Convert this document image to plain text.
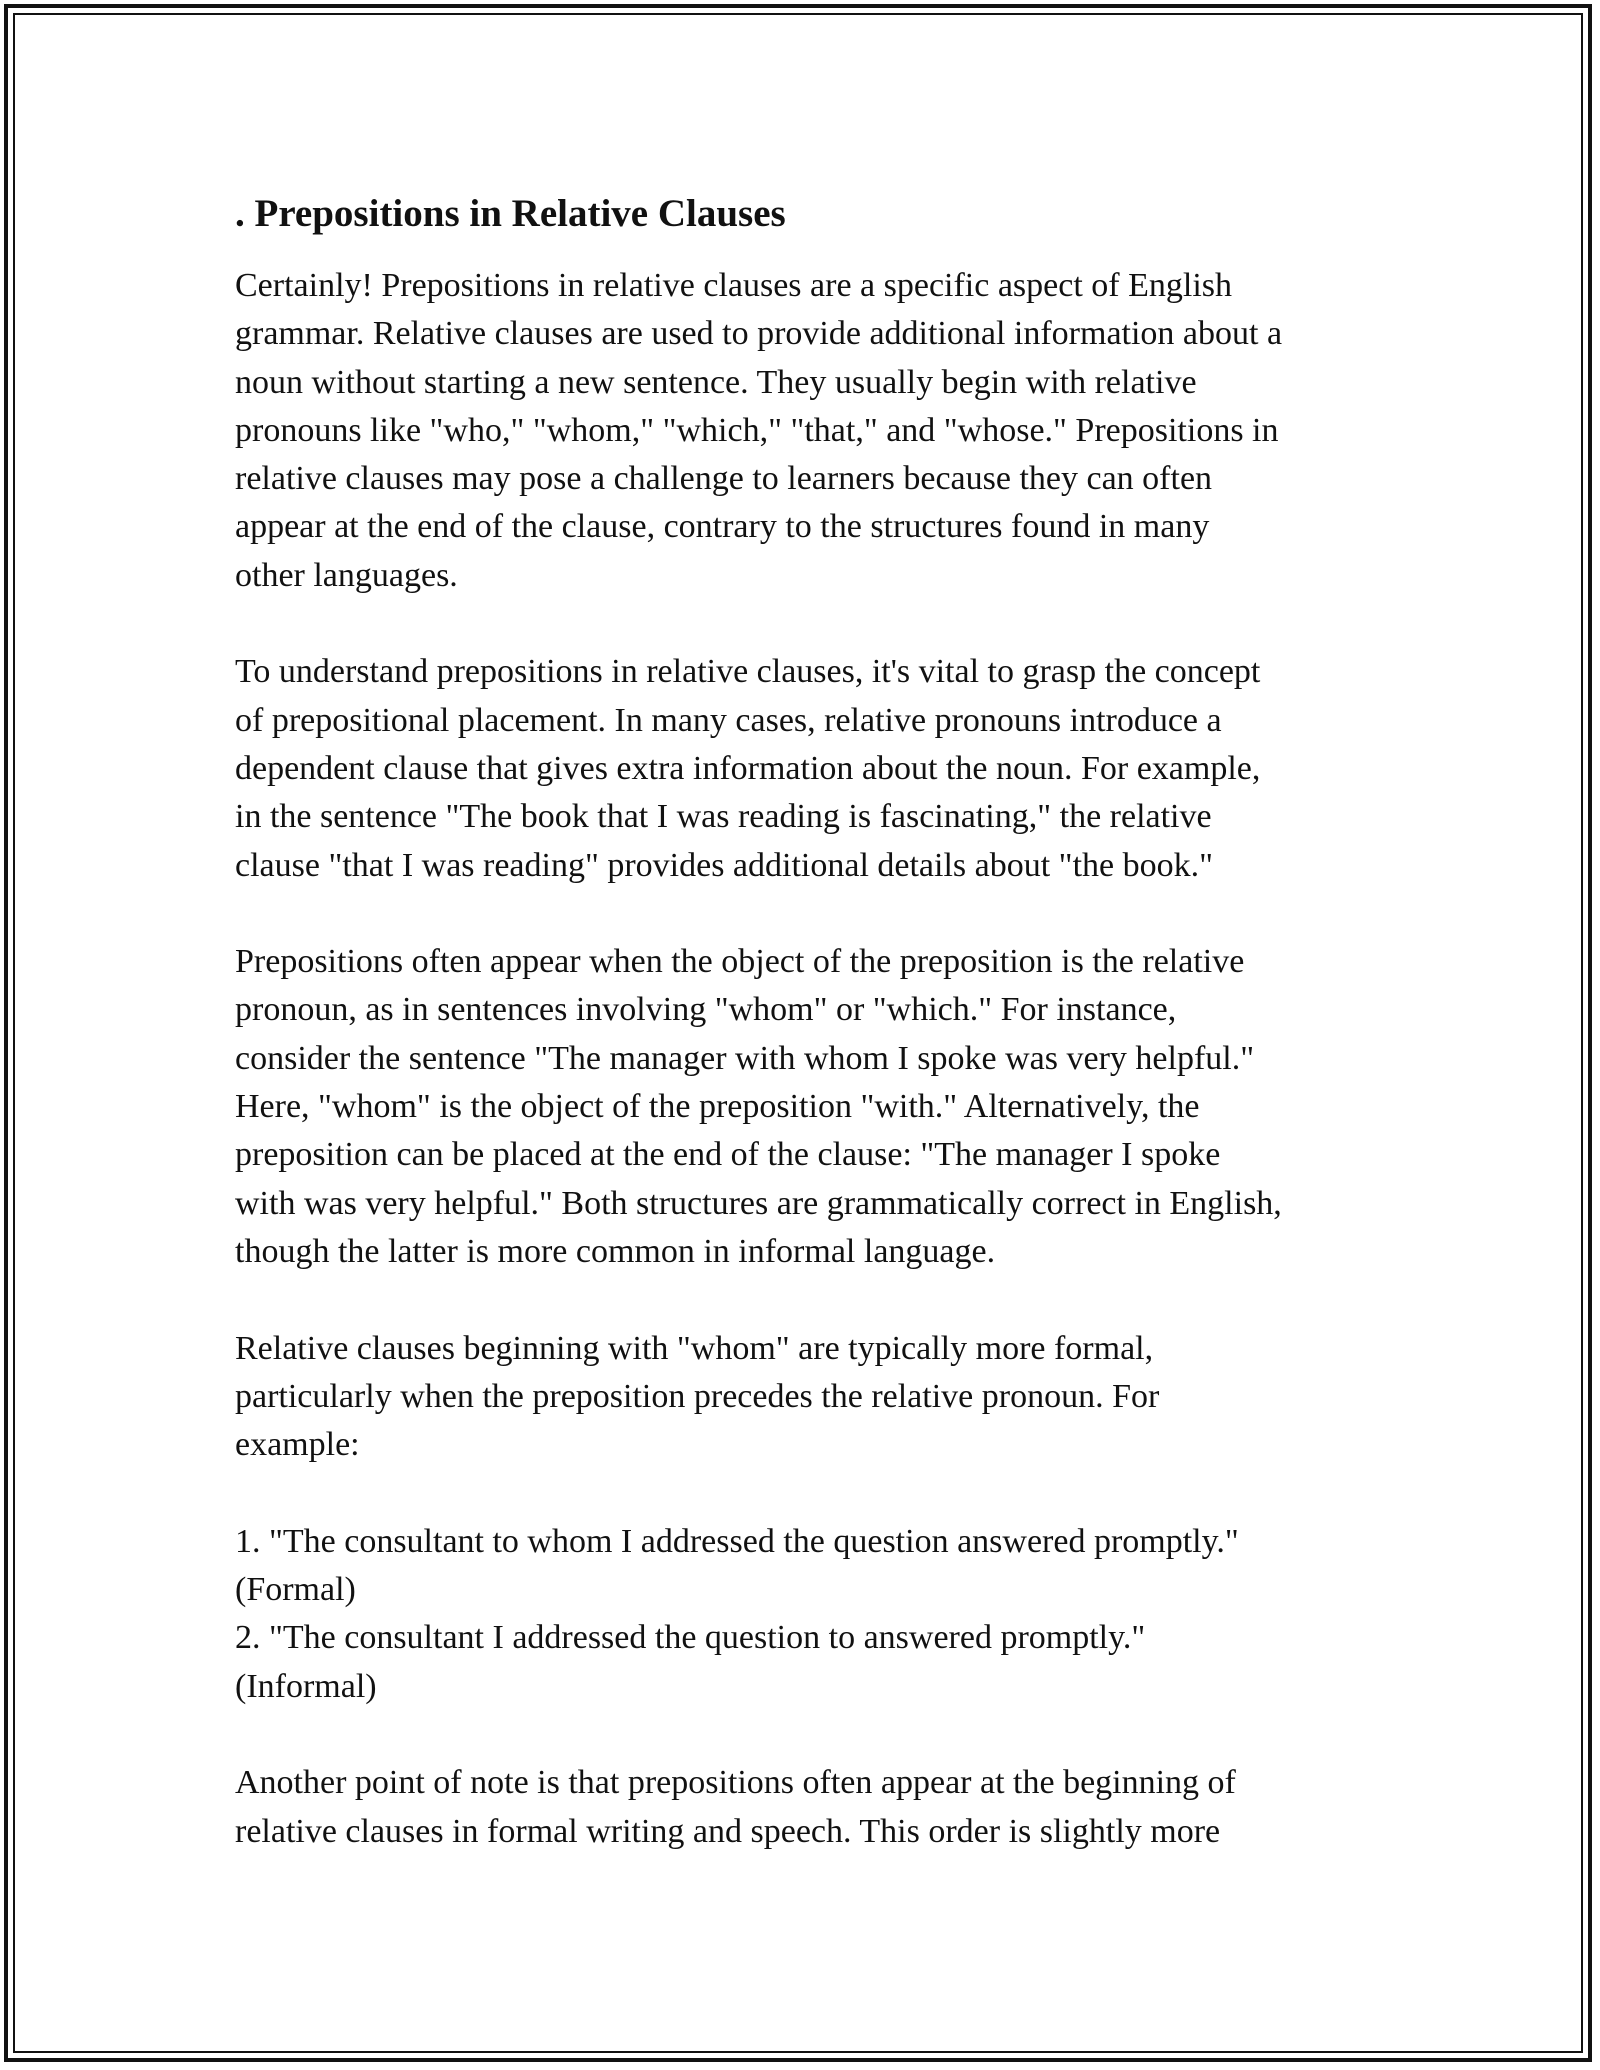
. Prepositions in Relative Clauses
Certainly! Prepositions in relative clauses are a specific aspect of English
grammar. Relative clauses are used to provide additional information about a
noun without starting a new sentence. They usually begin with relative
pronouns like "who," "whom," "which," "that," and "whose." Prepositions in
relative clauses may pose a challenge to learners because they can often
appear at the end of the clause, contrary to the structures found in many
other languages.
To understand prepositions in relative clauses, it's vital to grasp the concept
of prepositional placement. In many cases, relative pronouns introduce a
dependent clause that gives extra information about the noun. For example,
in the sentence "The book that I was reading is fascinating," the relative
clause "that I was reading" provides additional details about "the book."
Prepositions often appear when the object of the preposition is the relative
pronoun, as in sentences involving "whom" or "which." For instance,
consider the sentence "The manager with whom I spoke was very helpful."
Here, "whom" is the object of the preposition "with." Alternatively, the
preposition can be placed at the end of the clause: "The manager I spoke
with was very helpful." Both structures are grammatically correct in English,
though the latter is more common in informal language.
Relative clauses beginning with "whom" are typically more formal,
particularly when the preposition precedes the relative pronoun. For
example:
1. "The consultant to whom I addressed the question answered promptly."
(Formal)
2. "The consultant I addressed the question to answered promptly."
(Informal)
Another point of note is that prepositions often appear at the beginning of
relative clauses in formal writing and speech. This order is slightly more
